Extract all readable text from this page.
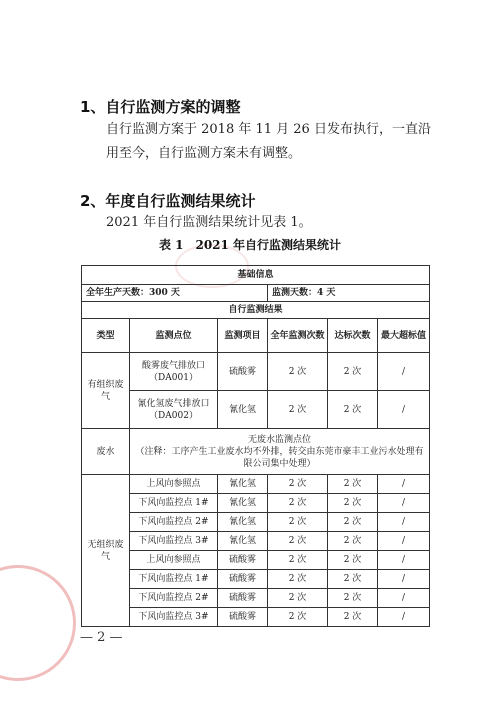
1、自行监测方案的调整
自行监测方案于 2018 年 11 月 26 日发布执行，一直沿用至今，自行监测方案未有调整。
2、年度自行监测结果统计
2021 年自行监测结果统计见表 1。
表 1　2021 年自行监测结果统计
基础信息					
全年生产天数：300 天			监测天数：4 天		
自行监测结果					
类型	监测点位	监测项目	全年监测次数	达标次数	最大超标值
有组织废气	酸雾废气排放口（DA001）	硫酸雾	2 次	2 次	/
	氰化氢废气排放口（DA002）	氰化氢	2 次	2 次	/
废水	无废水监测点位
（注释：工序产生工业废水均不外排，转交由东莞市豪丰工业污水处理有限公司集中处理）				

无组织废气	上风向参照点	氰化氢	2 次	2 次	/
	下风向监控点 1#	氰化氢	2 次	2 次	/
	下风向监控点 2#	氰化氢	2 次	2 次	/
	下风向监控点 3#	氰化氢	2 次	2 次	/
	上风向参照点	硫酸雾	2 次	2 次	/
	下风向监控点 1#	硫酸雾	2 次	2 次	/
	下风向监控点 2#	硫酸雾	2 次	2 次	/
	下风向监控点 3#	硫酸雾	2 次	2 次	/
— 2 —
